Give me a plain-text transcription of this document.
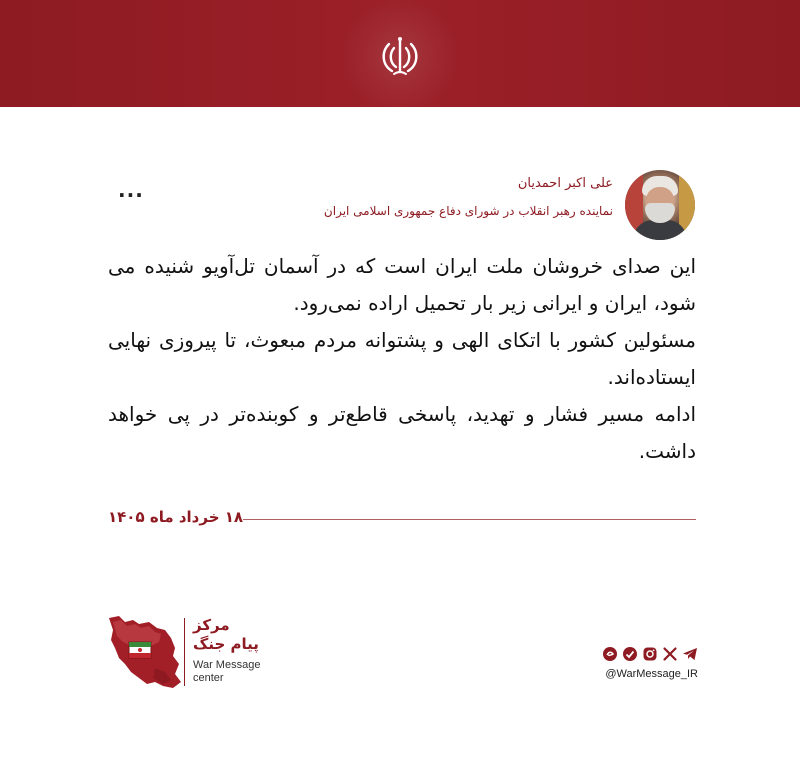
علی اکبر احمدیان
نماینده رهبر انقلاب در شورای دفاع جمهوری اسلامی ایران
...

این صدای خروشان ملت ایران است که در آسمان تل‌آویو شنیده می شود، ایران و ایرانی زیر بار تحمیل اراده نمی‌رود.

مسئولین کشور با اتکای الهی و پشتوانه مردم مبعوث، تا پیروزی نهایی ایستاده‌اند.

ادامه مسیر فشار و تهدید، پاسخی قاطع‌تر و کوبنده‌تر در پی خواهد داشت.

۱۸ خرداد ماه ۱۴۰۵
مرکز
پیام جنگ
War Message
center	@WarMessage_IR
